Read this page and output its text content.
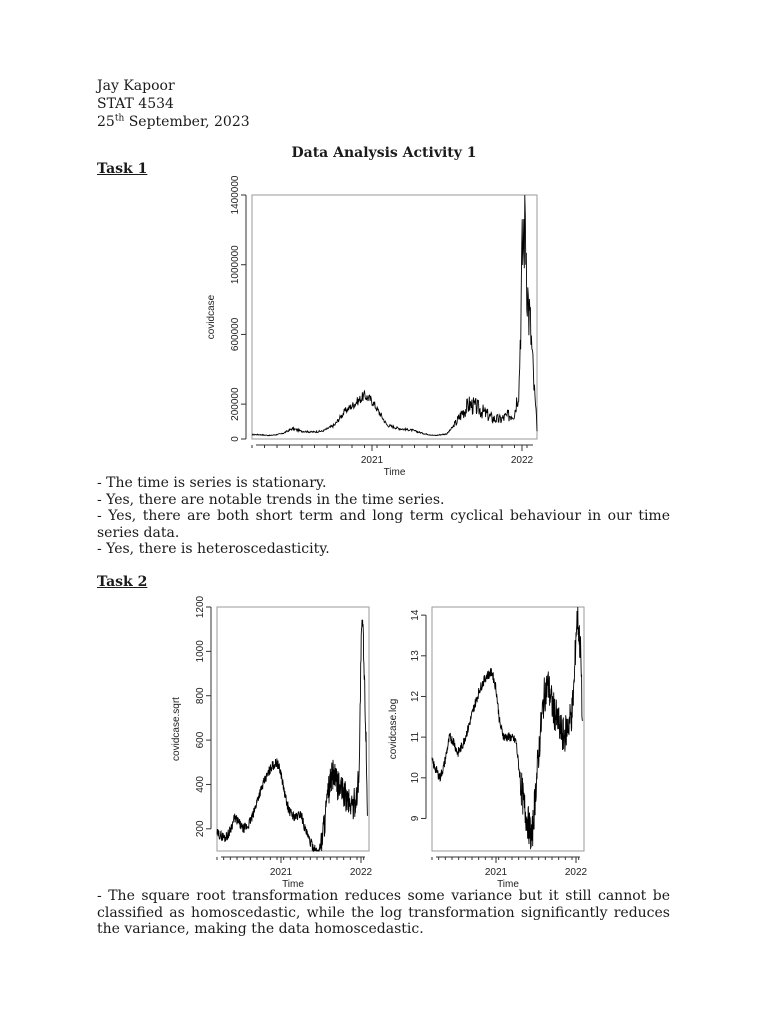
Jay Kapoor
STAT 4534
25th September, 2023
Data Analysis Activity 1
Task 1
0
200000
600000
1000000
1400000
covidcase
2021	2022
Time
- The time is series is stationary.
- Yes, there are notable trends in the time series.
- Yes, there are both short term and long term cyclical behaviour in our time series data.
- Yes, there is heteroscedasticity.
Task 2
200
400
600
800
1000
1200
covidcase.sqrt
2021	2022
Time
9
10
11
12
13
14
covidcase.log
2021	2022
Time
- The square root transformation reduces some variance but it still cannot be classified as homoscedastic, while the log transformation significantly reduces the variance, making the data homoscedastic.
